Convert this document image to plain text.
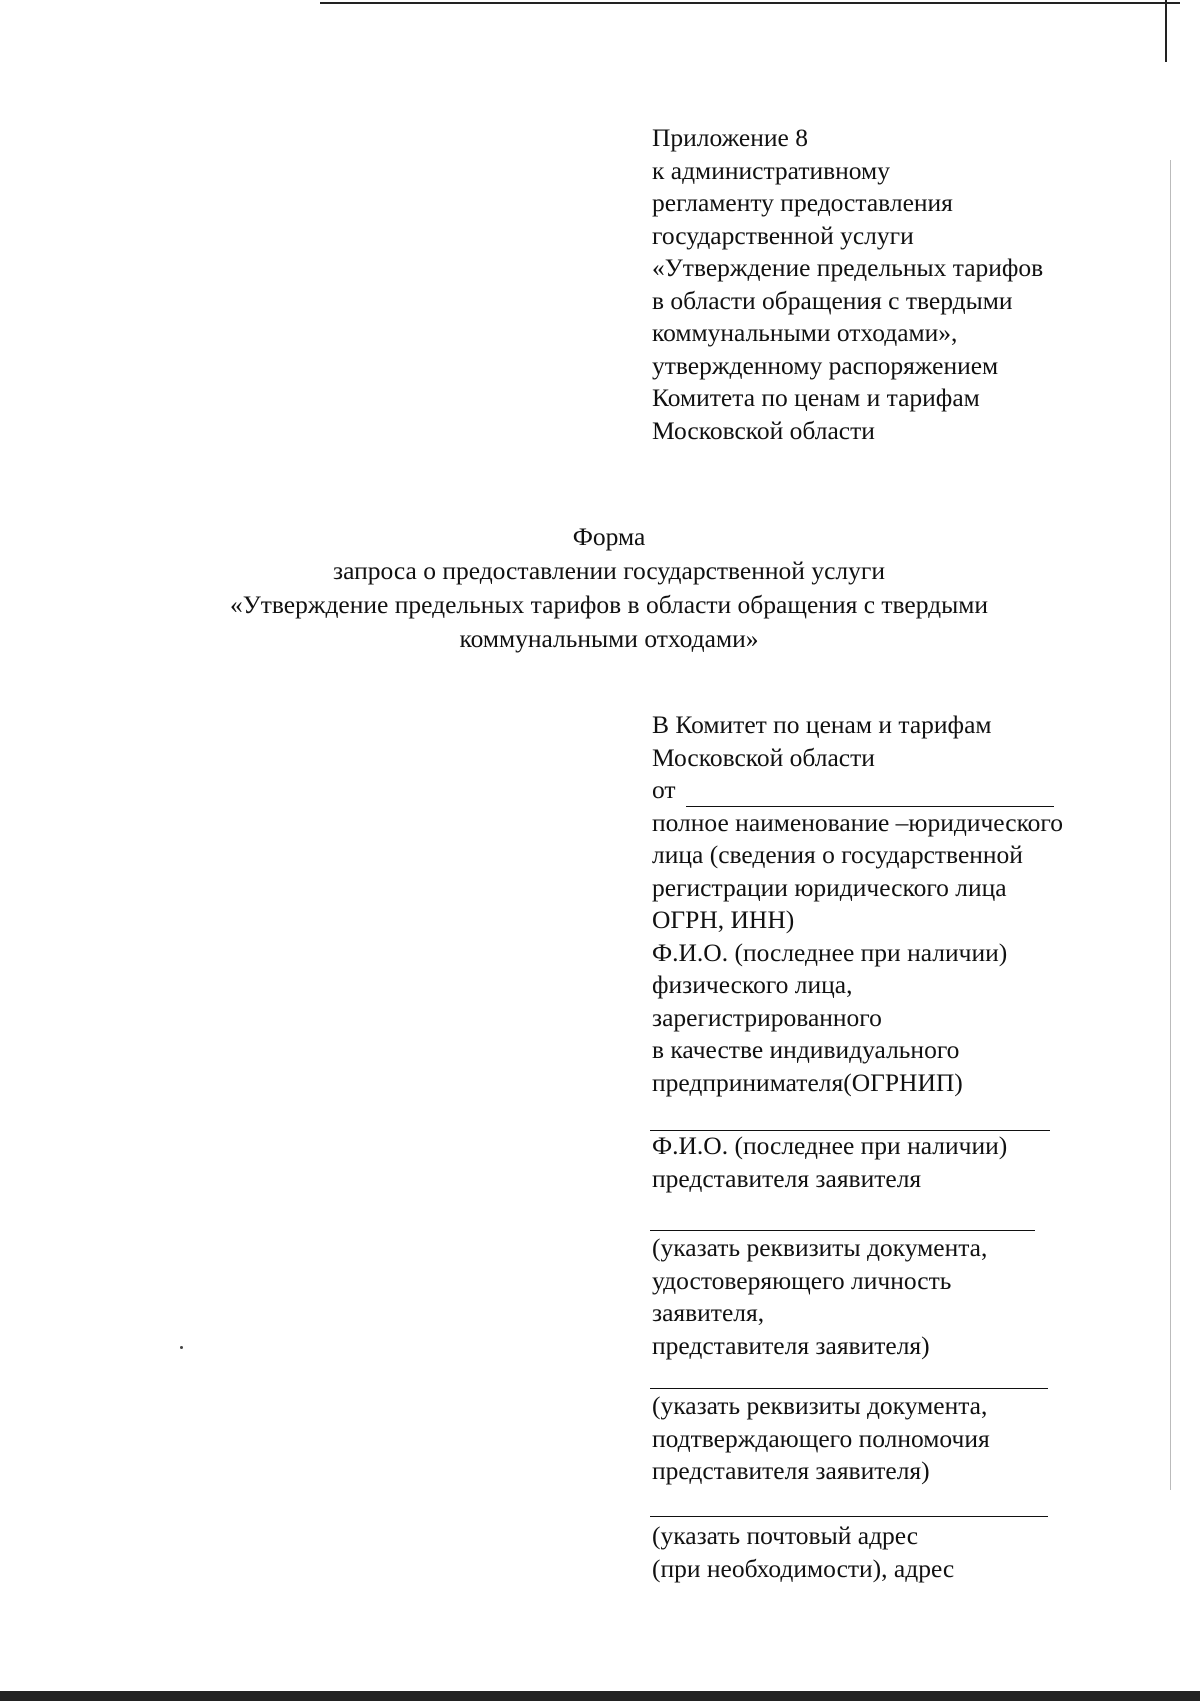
Приложение 8
к административному
регламенту предоставления
государственной услуги
«Утверждение предельных тарифов
в области обращения с твердыми
коммунальными отходами»,
утвержденному распоряжением
Комитета по ценам и тарифам
Московской области
Форма
запроса о предоставлении государственной услуги
«Утверждение предельных тарифов в области обращения с твердыми
коммунальными отходами»
В Комитет по ценам и тарифам
Московской области
от
полное наименование –юридического
лица (сведения о государственной
регистрации юридического лица
ОГРН, ИНН)
Ф.И.О. (последнее при наличии)
физического лица,
зарегистрированного
в качестве индивидуального
предпринимателя(ОГРНИП)
Ф.И.О. (последнее при наличии)
представителя заявителя
(указать реквизиты документа,
удостоверяющего личность
заявителя,
представителя заявителя)
(указать реквизиты документа,
подтверждающего полномочия
представителя заявителя)
(указать почтовый адрес
(при необходимости), адрес
